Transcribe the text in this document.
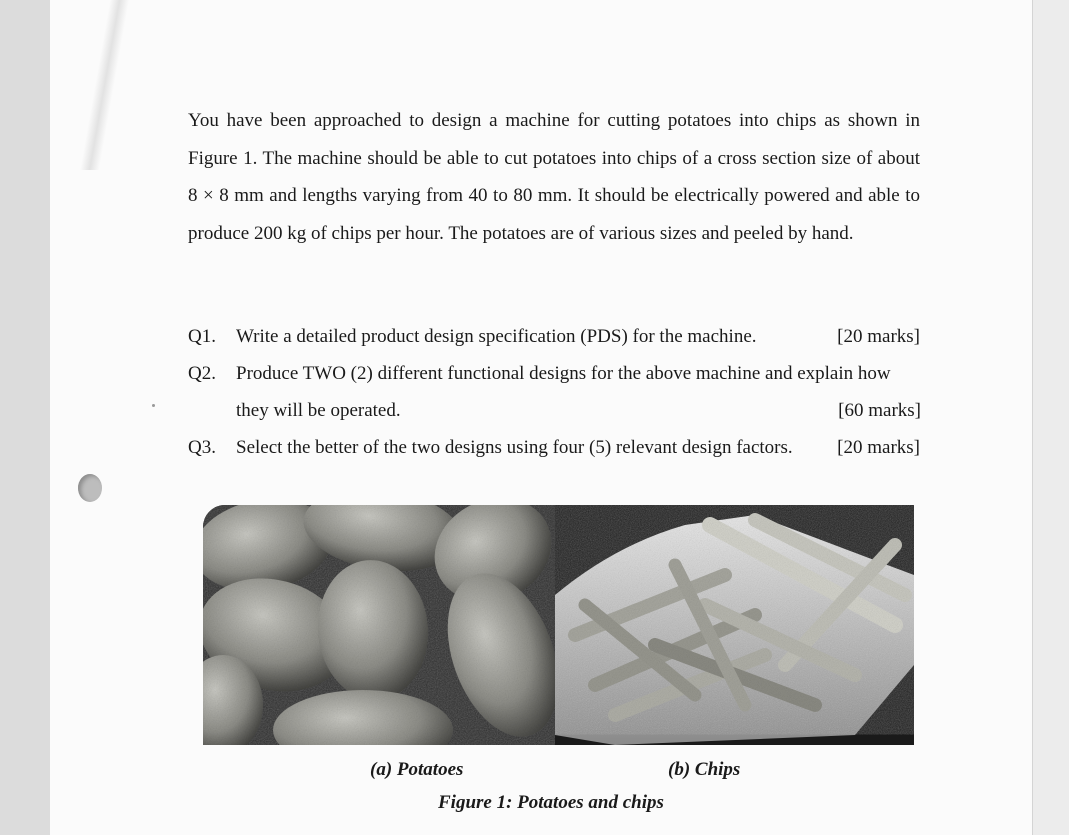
You have been approached to design a machine for cutting potatoes into chips as shown in Figure 1. The machine should be able to cut potatoes into chips of a cross section size of about 8 × 8 mm and lengths varying from 40 to 80 mm. It should be electrically powered and able to produce 200 kg of chips per hour. The potatoes are of various sizes and peeled by hand.

Q1. Write a detailed product design specification (PDS) for the machine.	[20 marks]
Q2. Produce TWO (2) different functional designs for the above machine and explain how
they will be operated.	[60 marks]
Q3. Select the better of the two designs using four (5) relevant design factors. [20 marks]
(a) Potatoes	(b) Chips
Figure 1: Potatoes and chips
